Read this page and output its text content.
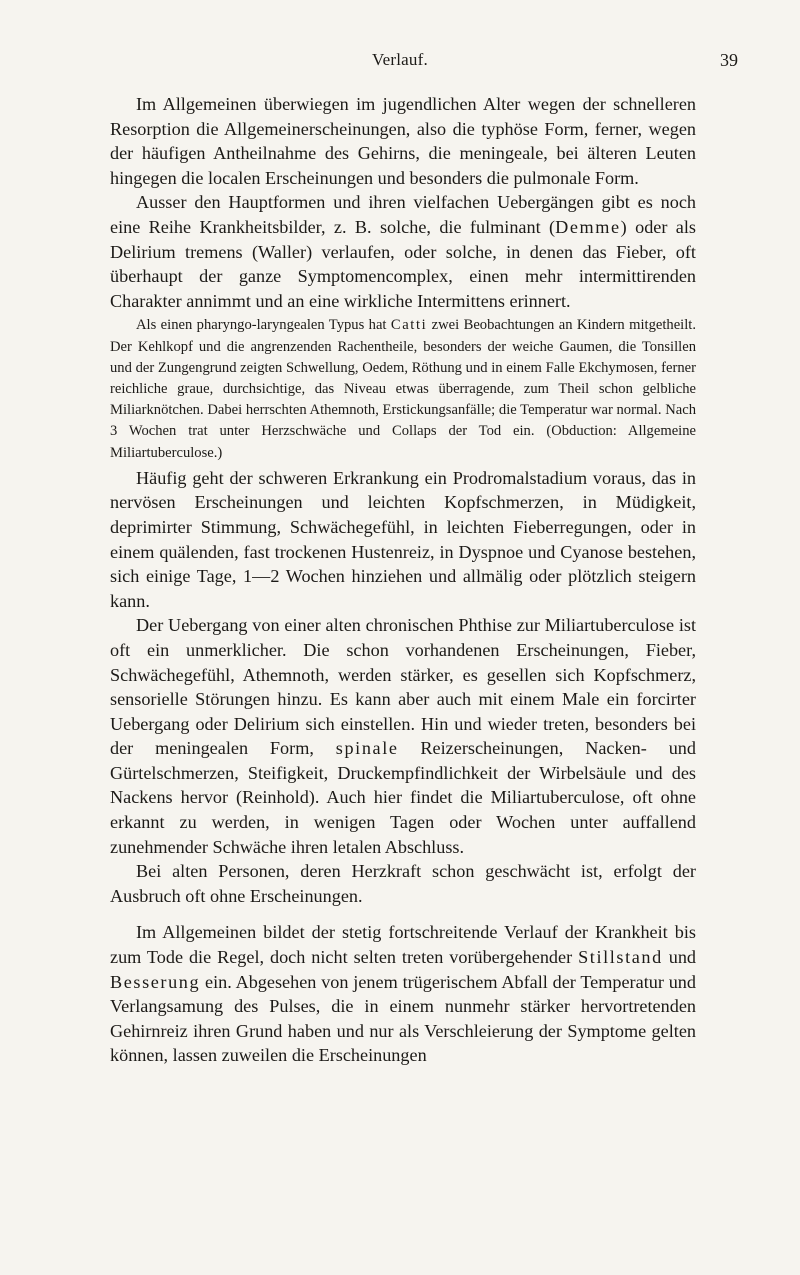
Verlauf.	39

Im Allgemeinen überwiegen im jugendlichen Alter wegen der schnelleren Resorption die Allgemeinerscheinungen, also die typhöse Form, ferner, wegen der häufigen Antheilnahme des Gehirns, die meningeale, bei älteren Leuten hingegen die localen Erscheinungen und besonders die pulmonale Form.

Ausser den Hauptformen und ihren vielfachen Uebergängen gibt es noch eine Reihe Krankheitsbilder, z. B. solche, die fulminant (Demme) oder als Delirium tremens (Waller) verlaufen, oder solche, in denen das Fieber, oft überhaupt der ganze Symptomencomplex, einen mehr intermittirenden Charakter annimmt und an eine wirkliche Intermittens erinnert.

Als einen pharyngo-laryngealen Typus hat Catti zwei Beobachtungen an Kindern mitgetheilt. Der Kehlkopf und die angrenzenden Rachentheile, besonders der weiche Gaumen, die Tonsillen und der Zungengrund zeigten Schwellung, Oedem, Röthung und in einem Falle Ekchymosen, ferner reichliche graue, durchsichtige, das Niveau etwas überragende, zum Theil schon gelbliche Miliarknötchen. Dabei herrschten Athemnoth, Erstickungsanfälle; die Temperatur war normal. Nach 3 Wochen trat unter Herzschwäche und Collaps der Tod ein. (Obduction: Allgemeine Miliartuberculose.)

Häufig geht der schweren Erkrankung ein Prodromalstadium voraus, das in nervösen Erscheinungen und leichten Kopfschmerzen, in Müdigkeit, deprimirter Stimmung, Schwächegefühl, in leichten Fieberregungen, oder in einem quälenden, fast trockenen Hustenreiz, in Dyspnoe und Cyanose bestehen, sich einige Tage, 1—2 Wochen hinziehen und allmälig oder plötzlich steigern kann.

Der Uebergang von einer alten chronischen Phthise zur Miliartuberculose ist oft ein unmerklicher. Die schon vorhandenen Erscheinungen, Fieber, Schwächegefühl, Athemnoth, werden stärker, es gesellen sich Kopfschmerz, sensorielle Störungen hinzu. Es kann aber auch mit einem Male ein forcirter Uebergang oder Delirium sich einstellen. Hin und wieder treten, besonders bei der meningealen Form, spinale Reizerscheinungen, Nacken- und Gürtelschmerzen, Steifigkeit, Druckempfindlichkeit der Wirbelsäule und des Nackens hervor (Reinhold). Auch hier findet die Miliartuberculose, oft ohne erkannt zu werden, in wenigen Tagen oder Wochen unter auffallend zunehmender Schwäche ihren letalen Abschluss.

Bei alten Personen, deren Herzkraft schon geschwächt ist, erfolgt der Ausbruch oft ohne Erscheinungen.

Im Allgemeinen bildet der stetig fortschreitende Verlauf der Krankheit bis zum Tode die Regel, doch nicht selten treten vorübergehender Stillstand und Besserung ein. Abgesehen von jenem trügerischem Abfall der Temperatur und Verlangsamung des Pulses, die in einem nunmehr stärker hervortretenden Gehirnreiz ihren Grund haben und nur als Verschleierung der Symptome gelten können, lassen zuweilen die Erscheinungen
